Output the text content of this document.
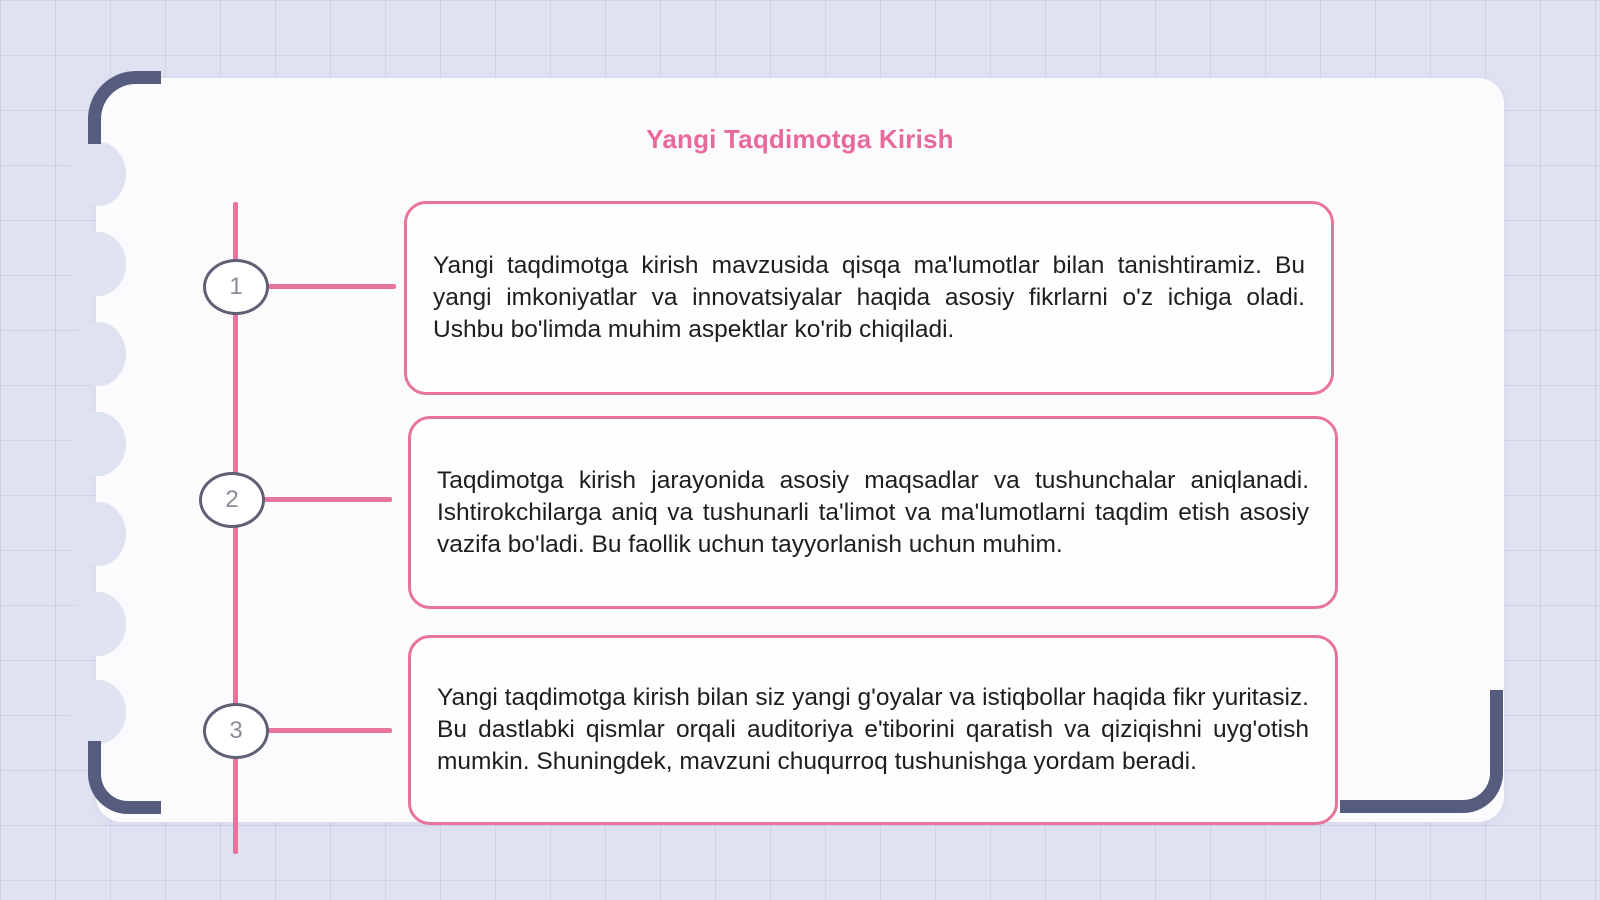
Yangi Taqdimotga Kirish
1

Yangi taqdimotga kirish mavzusida qisqa ma'lumotlar bilan tanishtiramiz. Bu yangi imkoniyatlar va innovatsiyalar haqida asosiy fikrlarni o'z ichiga oladi. Ushbu bo'limda muhim aspektlar ko'rib chiqiladi.

2

Taqdimotga kirish jarayonida asosiy maqsadlar va tushunchalar aniqlanadi. Ishtirokchilarga aniq va tushunarli ta'limot va ma'lumotlarni taqdim etish asosiy vazifa bo'ladi. Bu faollik uchun tayyorlanish uchun muhim.

3

Yangi taqdimotga kirish bilan siz yangi g'oyalar va istiqbollar haqida fikr yuritasiz. Bu dastlabki qismlar orqali auditoriya e'tiborini qaratish va qiziqishni uyg'otish mumkin. Shuningdek, mavzuni chuqurroq tushunishga yordam beradi.
